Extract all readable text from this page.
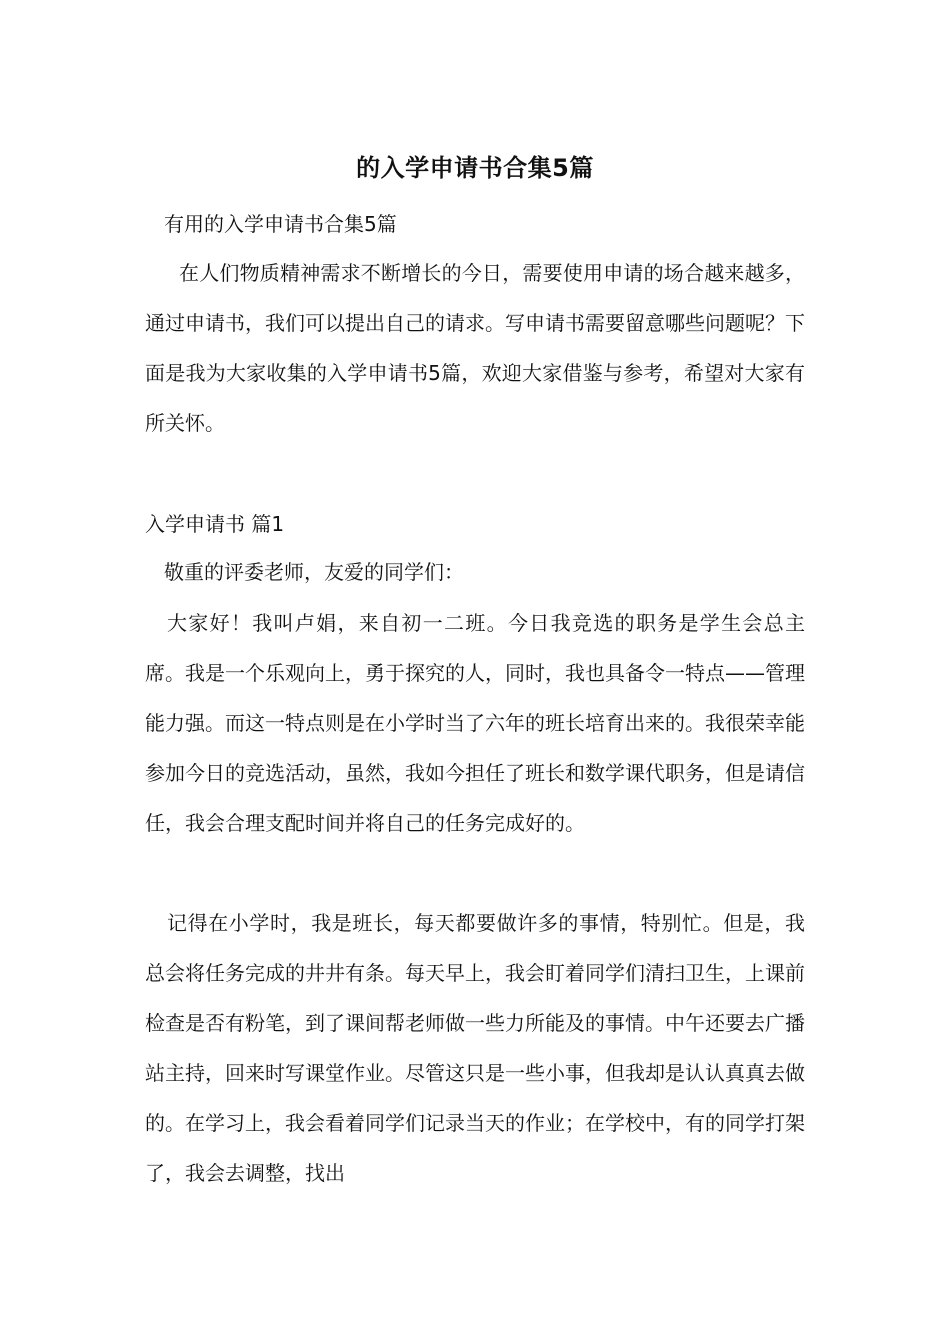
的入学申请书合集5篇
有用的入学申请书合集5篇

在人们物质精神需求不断增长的今日，需要使用申请的场合越来越多，通过申请书，我们可以提出自己的请求。写申请书需要留意哪些问题呢？下面是我为大家收集的入学申请书5篇，欢迎大家借鉴与参考，希望对大家有所关怀。

入学申请书 篇1
敬重的评委老师，友爱的同学们：

大家好！我叫卢娟，来自初一二班。今日我竞选的职务是学生会总主席。我是一个乐观向上，勇于探究的人，同时，我也具备令一特点——管理能力强。而这一特点则是在小学时当了六年的班长培育出来的。我很荣幸能参加今日的竞选活动，虽然，我如今担任了班长和数学课代职务，但是请信任，我会合理支配时间并将自己的任务完成好的。

记得在小学时，我是班长，每天都要做许多的事情，特别忙。但是，我总会将任务完成的井井有条。每天早上，我会盯着同学们清扫卫生，上课前检查是否有粉笔，到了课间帮老师做一些力所能及的事情。中午还要去广播站主持，回来时写课堂作业。尽管这只是一些小事，但我却是认认真真去做的。在学习上，我会看着同学们记录当天的作业；在学校中，有的同学打架了，我会去调整，找出
